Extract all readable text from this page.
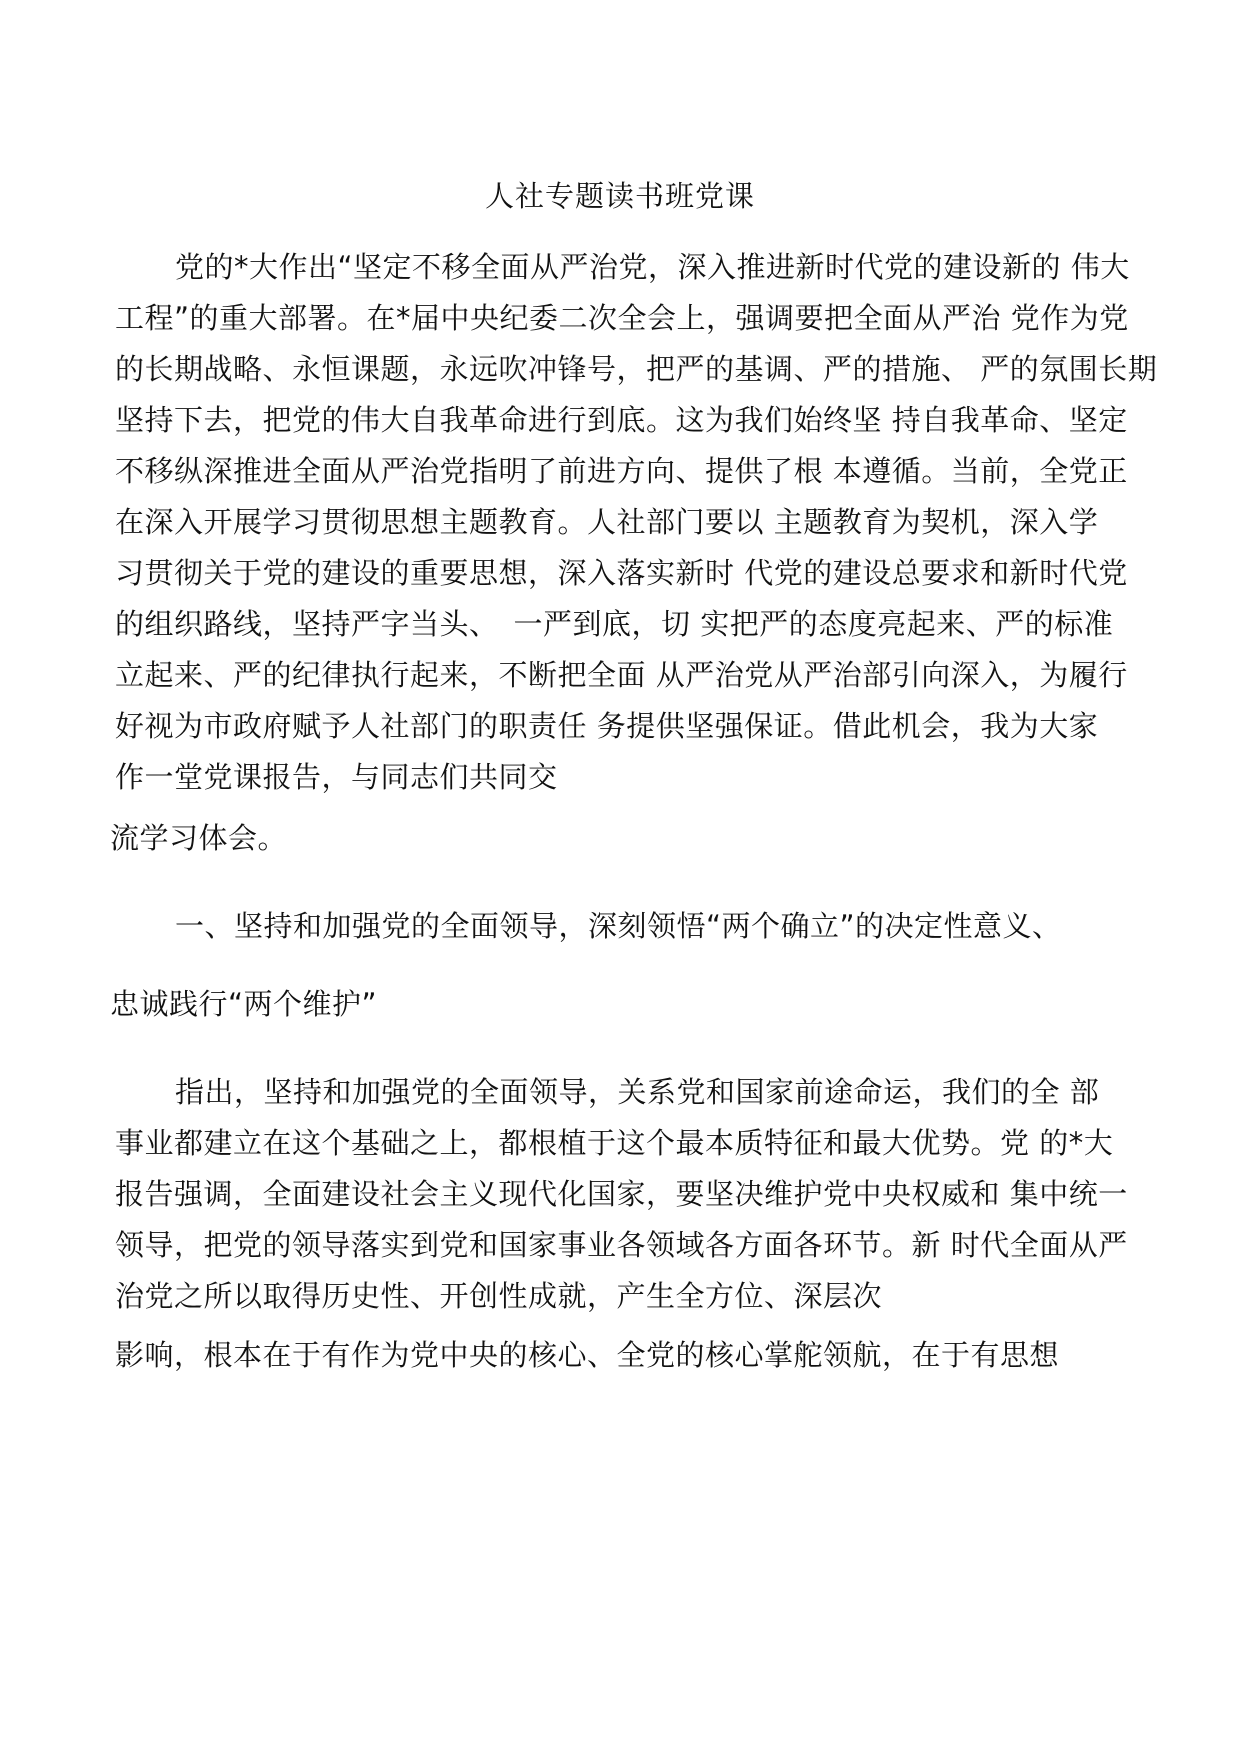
人社专题读书班党课
党的*大作出“坚定不移全面从严治党，深入推进新时代党的建设新的 伟大
工程”的重大部署。在*届中央纪委二次全会上，强调要把全面从严治 党作为党
的长期战略、永恒课题，永远吹冲锋号，把严的基调、严的措施、 严的氛围长期
坚持下去，把党的伟大自我革命进行到底。这为我们始终坚 持自我革命、坚定
不移纵深推进全面从严治党指明了前进方向、提供了根 本遵循。当前，全党正
在深入开展学习贯彻思想主题教育。人社部门要以 主题教育为契机，深入学
习贯彻关于党的建设的重要思想，深入落实新时 代党的建设总要求和新时代党
的组织路线，坚持严字当头、　一严到底，切 实把严的态度亮起来、严的标准
立起来、严的纪律执行起来，不断把全面 从严治党从严治部引向深入，为履行
好视为市政府赋予人社部门的职责任 务提供坚强保证。借此机会，我为大家
作一堂党课报告，与同志们共同交
流学习体会。
一、坚持和加强党的全面领导，深刻领悟“两个确立”的决定性意义、
忠诚践行“两个维护”
指出，坚持和加强党的全面领导，关系党和国家前途命运，我们的全 部
事业都建立在这个基础之上，都根植于这个最本质特征和最大优势。党 的*大
报告强调，全面建设社会主义现代化国家，要坚决维护党中央权威和 集中统一
领导，把党的领导落实到党和国家事业各领域各方面各环节。新 时代全面从严
治党之所以取得历史性、开创性成就，产生全方位、深层次
影响，根本在于有作为党中央的核心、全党的核心掌舵领航，在于有思想
